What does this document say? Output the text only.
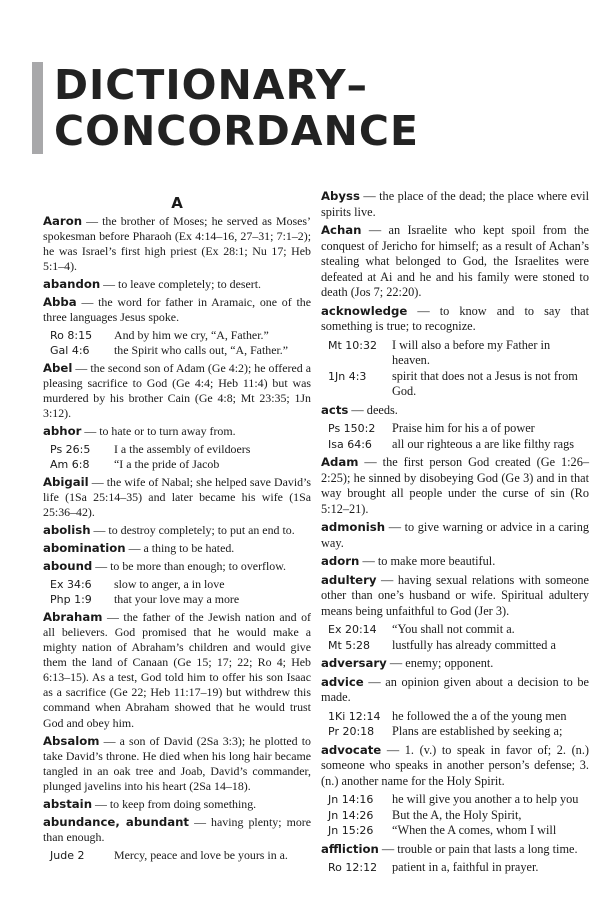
DICTIONARY–
CONCORDANCE
A

Aaron — the brother of Moses; he served as Moses’ spokesman before Pharaoh (Ex 4:14–16, 27–31; 7:1–2); he was Israel’s first high priest (Ex 28:1; Nu 17; Heb 5:1–4).

abandon — to leave completely; to desert.

Abba — the word for father in Aramaic, one of the three languages Jesus spoke.

Ro 8:15	And by him we cry, “A, Father.”
Gal 4:6	the Spirit who calls out, “A, Father.”

Abel — the second son of Adam (Ge 4:2); he offered a pleasing sacrifice to God (Ge 4:4; Heb 11:4) but was murdered by his brother Cain (Ge 4:8; Mt 23:35; 1Jn 3:12).

abhor — to hate or to turn away from.

Ps 26:5	I a the assembly of evildoers
Am 6:8	“I a the pride of Jacob

Abigail — the wife of Nabal; she helped save David’s life (1Sa 25:14–35) and later became his wife (1Sa 25:36–42).

abolish — to destroy completely; to put an end to.

abomination — a thing to be hated.

abound — to be more than enough; to overflow.

Ex 34:6	slow to anger, a in love
Php 1:9	that your love may a more

Abraham — the father of the Jewish nation and of all believers. God promised that he would make a mighty nation of Abraham’s children and would give them the land of Canaan (Ge 15; 17; 22; Ro 4; Heb 6:13–15). As a test, God told him to offer his son Isaac as a sacrifice (Ge 22; Heb 11:17–19) but withdrew this command when Abraham showed that he would trust God and obey him.

Absalom — a son of David (2Sa 3:3); he plotted to take David’s throne. He died when his long hair became tangled in an oak tree and Joab, David’s commander, plunged javelins into his heart (2Sa 14–18).

abstain — to keep from doing something.

abundance, abundant — having plenty; more than enough.

Jude 2	Mercy, peace and love be yours in a.

Abyss — the place of the dead; the place where evil spirits live.

Achan — an Israelite who kept spoil from the conquest of Jericho for himself; as a result of Achan’s stealing what belonged to God, the Israelites were defeated at Ai and he and his family were stoned to death (Jos 7; 22:20).

acknowledge — to know and to say that something is true; to recognize.

Mt 10:32	I will also a before my Father in heaven.
1Jn 4:3	spirit that does not a Jesus is not from God.

acts — deeds.

Ps 150:2	Praise him for his a of power
Isa 64:6	all our righteous a are like filthy rags

Adam — the first person God created (Ge 1:26–2:25); he sinned by disobeying God (Ge 3) and in that way brought all people under the curse of sin (Ro 5:12–21).

admonish — to give warning or advice in a caring way.

adorn — to make more beautiful.

adultery — having sexual relations with someone other than one’s husband or wife. Spiritual adultery means being unfaithful to God (Jer 3).

Ex 20:14	“You shall not commit a.
Mt 5:28	lustfully has already committed a

adversary — enemy; opponent.

advice — an opinion given about a decision to be made.

1Ki 12:14 he followed the a of the young men
Pr 20:18	Plans are established by seeking a;

advocate — 1. (v.) to speak in favor of; 2. (n.) someone who speaks in another person’s defense; 3. (n.) another name for the Holy Spirit.

Jn 14:16	he will give you another a to help you
Jn 14:26	But the A, the Holy Spirit,
Jn 15:26	“When the A comes, whom I will

affliction — trouble or pain that lasts a long time.

Ro 12:12	patient in a, faithful in prayer.
